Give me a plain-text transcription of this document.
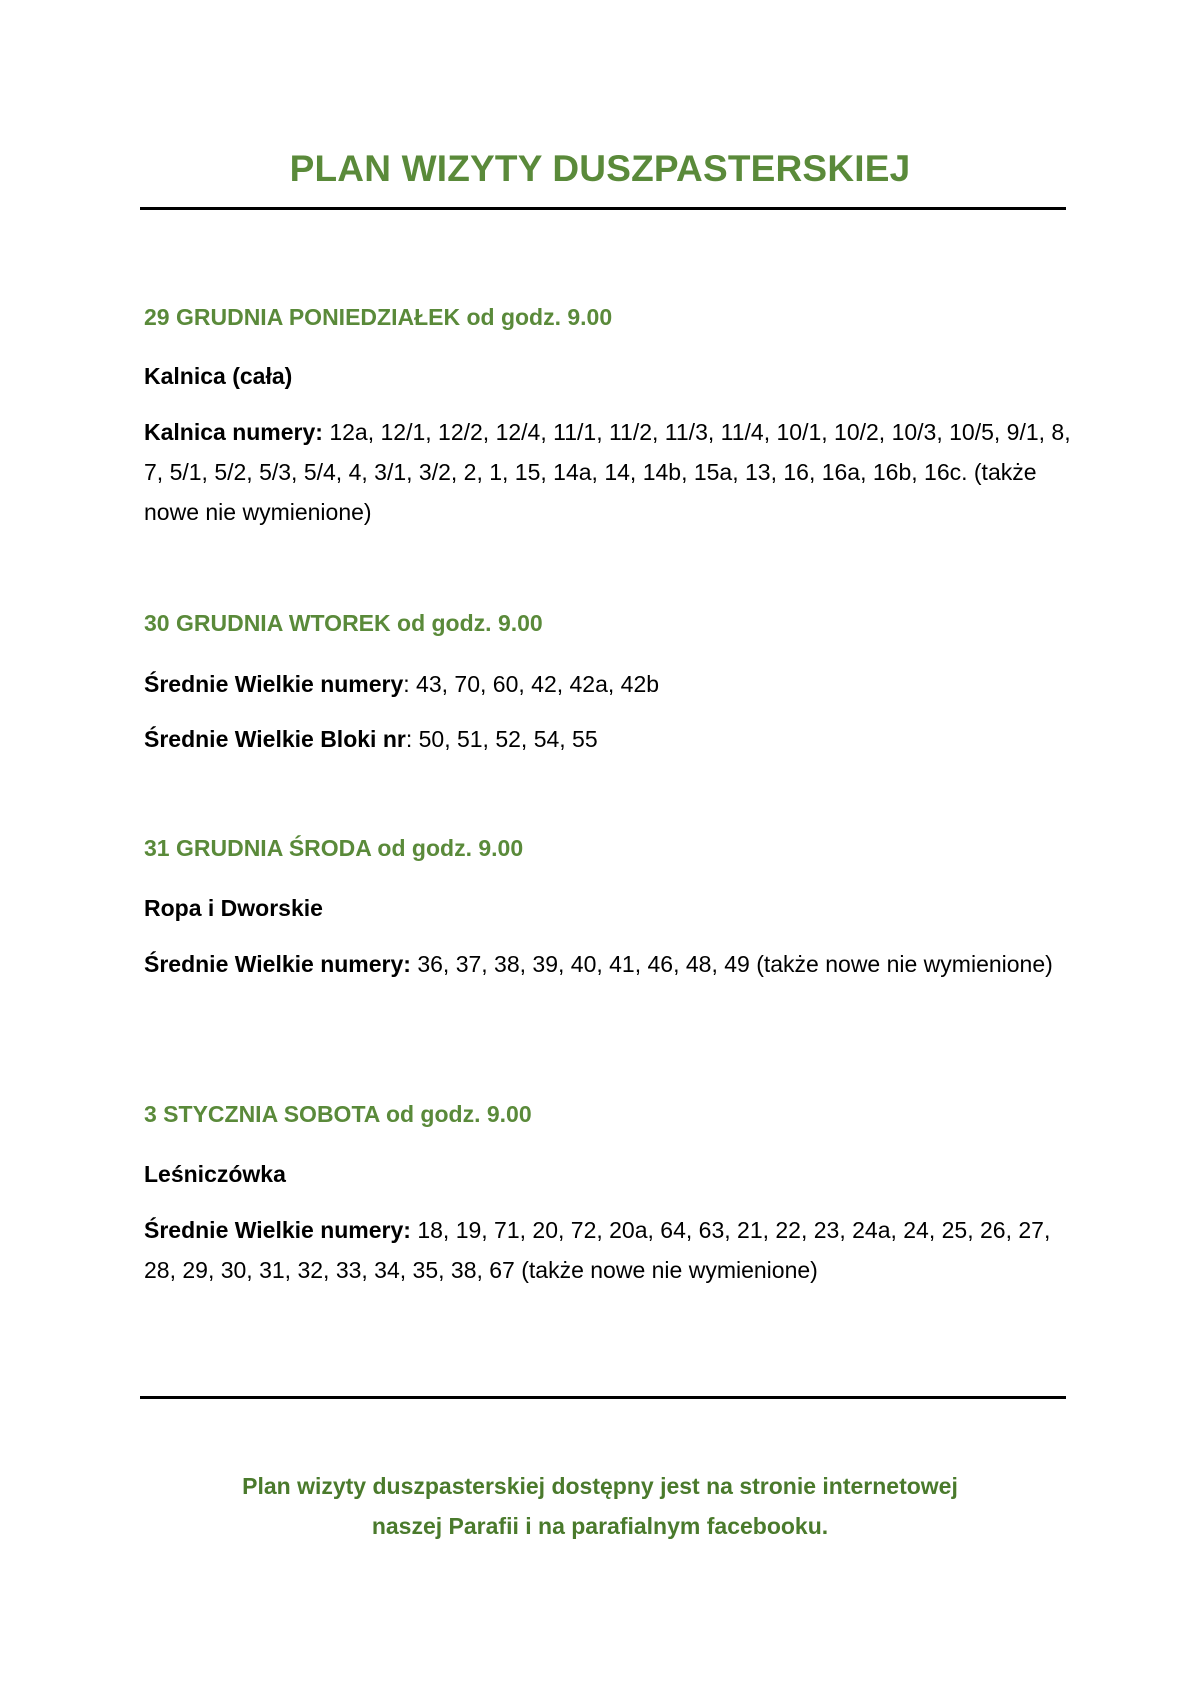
PLAN WIZYTY DUSZPASTERSKIEJ
29 GRUDNIA PONIEDZIAŁEK od godz. 9.00
Kalnica (cała)
Kalnica numery: 12a, 12/1, 12/2, 12/4, 11/1, 11/2, 11/3, 11/4, 10/1, 10/2, 10/3, 10/5, 9/1, 8, 7, 5/1, 5/2, 5/3, 5/4, 4, 3/1, 3/2, 2, 1, 15, 14a, 14, 14b, 15a, 13, 16, 16a, 16b, 16c. (także nowe nie wymienione)
30 GRUDNIA WTOREK od godz. 9.00
Średnie Wielkie numery: 43, 70, 60, 42, 42a, 42b
Średnie Wielkie Bloki nr: 50, 51, 52, 54, 55
31 GRUDNIA ŚRODA od godz. 9.00
Ropa i Dworskie
Średnie Wielkie numery: 36, 37, 38, 39, 40, 41, 46, 48, 49 (także nowe nie wymienione)
3 STYCZNIA SOBOTA od godz. 9.00
Leśniczówka
Średnie Wielkie numery: 18, 19, 71, 20, 72, 20a, 64, 63, 21, 22, 23, 24a, 24, 25, 26, 27, 28, 29, 30, 31, 32, 33, 34, 35, 38, 67 (także nowe nie wymienione)
Plan wizyty duszpasterskiej dostępny jest na stronie internetowej
naszej Parafii i na parafialnym facebooku.
